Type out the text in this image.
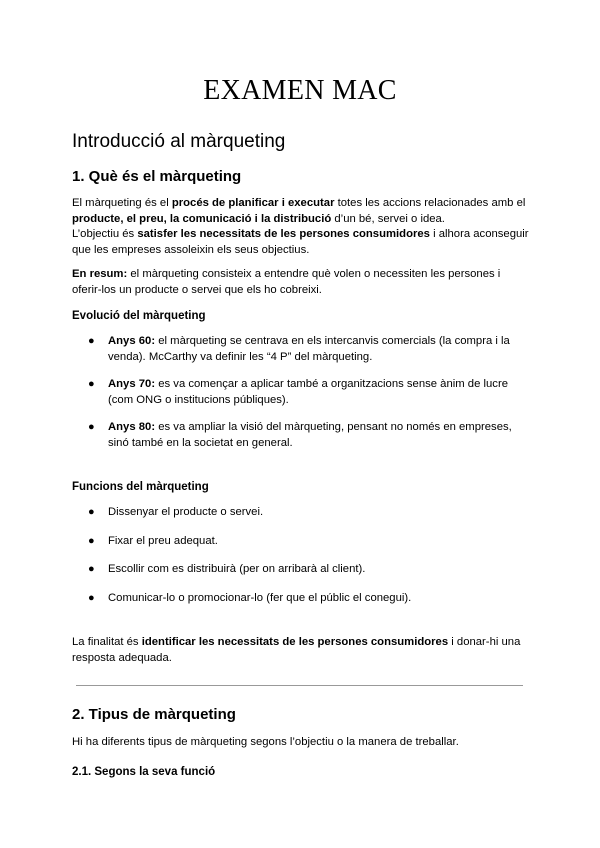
EXAMEN MAC
Introducció al màrqueting
1. Què és el màrqueting
El màrqueting és el procés de planificar i executar totes les accions relacionades amb el producte, el preu, la comunicació i la distribució d’un bé, servei o idea.
L’objectiu és satisfer les necessitats de les persones consumidores i alhora aconseguir que les empreses assoleixin els seus objectius.
En resum: el màrqueting consisteix a entendre què volen o necessiten les persones i oferir-los un producte o servei que els ho cobreixi.
Evolució del màrqueting
● Anys 60: el màrqueting se centrava en els intercanvis comercials (la compra i la venda). McCarthy va definir les “4 P” del màrqueting.
● Anys 70: es va començar a aplicar també a organitzacions sense ànim de lucre (com ONG o institucions públiques).
● Anys 80: es va ampliar la visió del màrqueting, pensant no només en empreses, sinó també en la societat en general.
Funcions del màrqueting
● Dissenyar el producte o servei.
● Fixar el preu adequat.
● Escollir com es distribuirà (per on arribarà al client).
● Comunicar-lo o promocionar-lo (fer que el públic el conegui).
La finalitat és identificar les necessitats de les persones consumidores i donar-hi una resposta adequada.
2. Tipus de màrqueting
Hi ha diferents tipus de màrqueting segons l’objectiu o la manera de treballar.
2.1. Segons la seva funció
